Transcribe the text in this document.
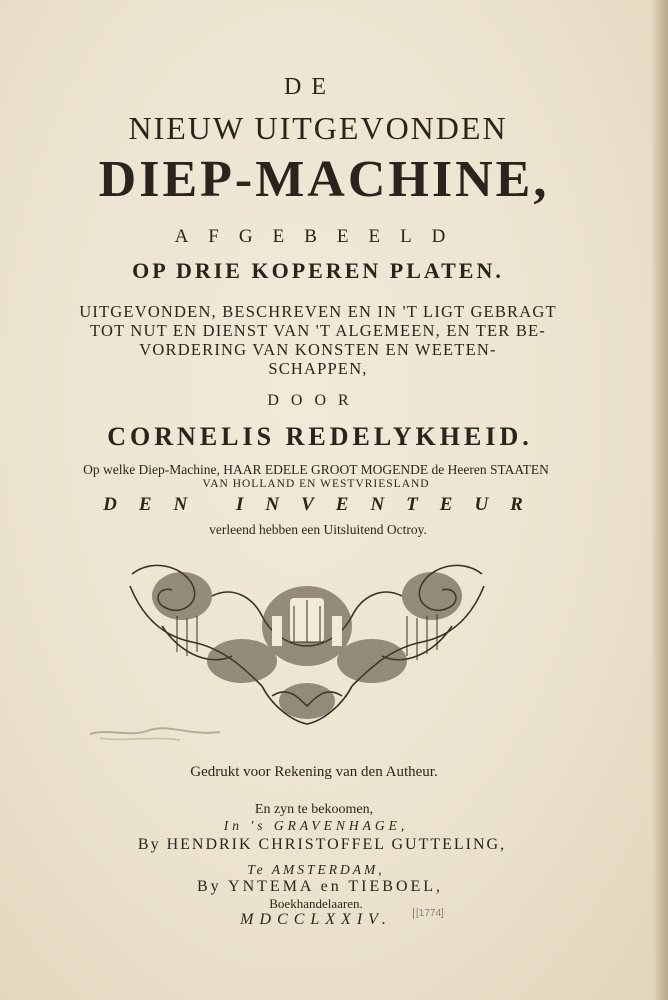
DE
NIEUW UITGEVONDEN
DIEP-MACHINE,
AFGEBEELD
OP DRIE KOPEREN PLATEN.
UITGEVONDEN, BESCHREVEN EN IN 'T LIGT GEBRAGT
TOT NUT EN DIENST VAN 'T ALGEMEEN, EN TER BE-
VORDERING VAN KONSTEN EN WEETEN-
SCHAPPEN,
DOOR
CORNELIS REDELYKHEID.
Op welke Diep-Machine, HAAR EDELE GROOT MOGENDE de Heeren STAATEN
VAN HOLLAND EN WESTVRIESLAND
DEN INVENTEUR
verleend hebben een Uitsluitend Octroy.
Gedrukt voor Rekening van den Autheur.
En zyn te bekoomen,
In 's GRAVENHAGE,
By HENDRIK CHRISTOFFEL GUTTELING,
Te AMSTERDAM,
By YNTEMA en TIEBOEL,
Boekhandelaaren.
MDCCLXXIV.	[1774]
